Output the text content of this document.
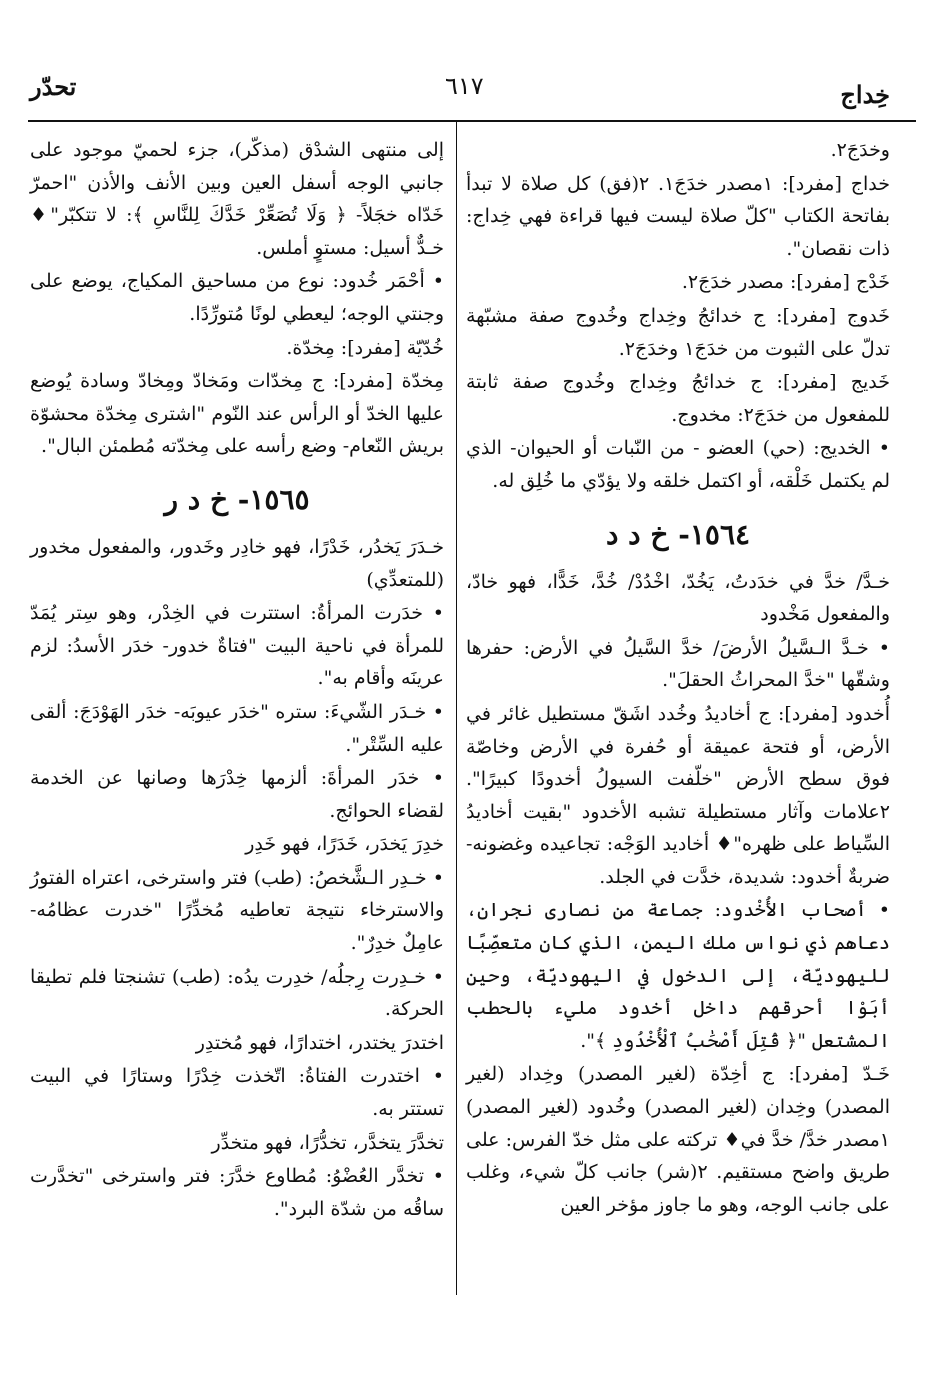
خِداج
٦١٧
تحدّر

وخدَجَ٢.

خداج [مفرد]: ١مصدر خدَجَ١. ٢(فق) كل صلاة لا تبدأ بفاتحة الكتاب "كلّ صلاة ليست فيها قراءة فهي خِداج: ذات نقصان".

خَدْج [مفرد]: مصدر خدَجَ٢.

خَدوج [مفرد]: ج خدائجُ وخِداج وخُدوج صفة مشبّهة تدلّ على الثبوت من خدَجَ١ وخدَجَ٢.

خَديج [مفرد]: ج خدائجُ وخِداج وخُدوج صفة ثابتة للمفعول من خدَجَ٢: مخدوج.

• الخديج: (حي) العضو - من النّبات أو الحيوان- الذي لم يكتمل خَلْقه، أو اكتمل خلقه ولا يؤدّي ما خُلِق له.

١٥٦٤- خ د د

خـدَّ/ خدَّ في خدَدتُ، يَخُدّ، اخْدُدْ/ خُدَّ، خَدًّا، فهو خادّ، والمفعول مَخْدود

• خـدَّ الـسَّيلُ الأرضَ/ خدَّ السَّيلُ في الأرض: حفرها وشقّها "خدَّ المحراثُ الحقلَ".

أُخدود [مفرد]: ج أخاديدُ وخُدد اشَقّ مستطيل غائر في الأرض، أو فتحة عميقة أو حُفرة في الأرض وخاصّة فوق سطح الأرض "خلّفت السيولُ أخدودًا كبيرًا". ٢علامات وآثار مستطيلة تشبه الأخدود "بقيت أخاديدُ السِّياط على ظهره"♦ أخاديد الوَجْه: تجاعيده وغضونه- ضربةٌ أخدود: شديدة، خدَّت في الجلد.

• أصحاب الأُخْدود: جماعة من نصارى نجران، دعاهم ذي نواس ملك اليمن، الذي كان متعصِّبًا لليهوديّة، إلى الدخول في اليهوديّة، وحين أبَوْا أحرقهم داخل أخدود مليء بالحطب المشتعل "﴿ قُتِلَ أَصْحَٰبُ ٱلْأُخْدُودِ ﴾".

خَـدّ [مفرد]: ج أخِدّة (لغير المصدر) وخِداد (لغير المصدر) وخِدان (لغير المصدر) وخُدود (لغير المصدر) ١مصدر خدَّ/ خدَّ في♦ تركته على مثل خدّ الفرس: على طريق واضح مستقيم. ٢(شر) جانب كلّ شيء، وغلب على جانب الوجه، وهو ما جاوز مؤخر العين

إلى منتهى الشدْق (مذكّر)، جزء لحميّ موجود على جانبي الوجه أسفل العين وبين الأنف والأذن "احمرّ خَدّاه خجَلاً- ﴿ وَلَا تُصَعِّرْ خَدَّكَ لِلنَّاسِ ﴾: لا تتكبّر"♦ خـدٌّ أسيل: مستوٍ أملس.

• أحْمَر خُدود: نوع من مساحيق المكياج، يوضع على وجنتي الوجه؛ ليعطي لونًا مُتورِّدًا.

خُدّيّة [مفرد]: مِخدّة.

مِخدّة [مفرد]: ج مِخدّات ومَخادّ ومِخادّ وسادة يُوضع عليها الخدّ أو الرأس عند النّوم "اشترى مِخدّة محشوّة بريش النّعام- وضع رأسه على مِخدّته مُطمئن البال".

١٥٦٥- خ د ر

خـدَرَ يَخدُر، خَدْرًا، فهو خادِر وخَدور، والمفعول مخدور (للمتعدِّي)

• خدَرت المرأةُ: استترت في الخِدْر، وهو سِتر يُمَدّ للمرأة في ناحية البيت "فتاةٌ خدور- خدَر الأسدُ: لزم عرينَه وأقام به".

• خـدَر الشّيءَ: ستره "خدَر عيوبَه- خدَر الهَوْدَجَ: ألقى عليه السِّتْر".

• خدَر المرأةَ: ألزمها خِدْرَها وصانها عن الخدمة لقضاء الحوائج.

خدِرَ يَخدَر، خَدَرًا، فهو خَدِر

• خـدِر الـشَّخصُ: (طب) فتر واسترخى، اعتراه الفتورُ والاسترخاء نتيجة تعاطيه مُخدِّرًا "خدرت عظامُه- عامِلٌ خدِرٌ".

• خـدِرت رِجلُه/ خدِرت يدُه: (طب) تشنجتا فلم تطيقا الحركة.

اختدرَ يختدر، اختدارًا، فهو مُختدِر

• اختدرت الفتاةُ: اتّخذت خِدْرًا وستارًا في البيت تستتر به.

تخدَّرَ يتخدَّر، تخدُّرًا، فهو متخدِّر

• تخدَّر العُضْوُ: مُطاوع خدَّرَ: فتر واسترخى "تخدَّرت ساقُه من شدّة البرد".
